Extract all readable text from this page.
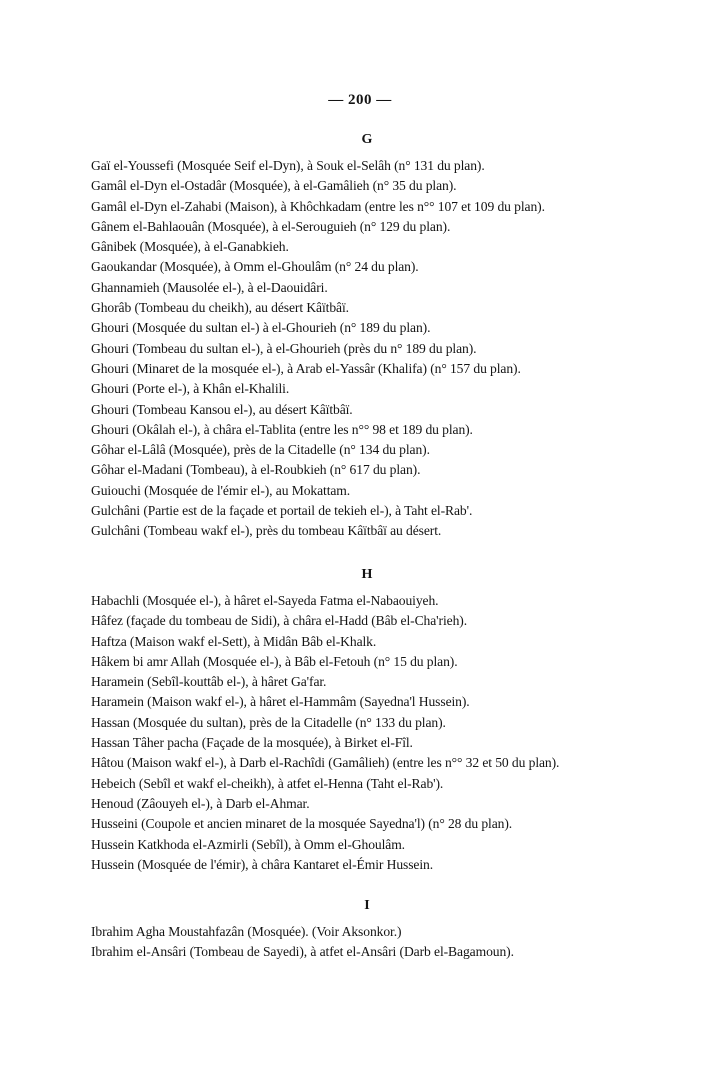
— 200 —
G
Gaï el-Youssefi (Mosquée Seif el-Dyn), à Souk el-Selâh (n° 131 du plan).
Gamâl el-Dyn el-Ostadâr (Mosquée), à el-Gamâlieh (n° 35 du plan).
Gamâl el-Dyn el-Zahabi (Maison), à Khôchkadam (entre les n°° 107 et 109 du plan).
Gânem el-Bahlaouân (Mosquée), à el-Serouguieh (n° 129 du plan).
Gânibek (Mosquée), à el-Ganabkieh.
Gaoukandar (Mosquée), à Omm el-Ghoulâm (n° 24 du plan).
Ghannamieh (Mausolée el-), à el-Daouidâri.
Ghorâb (Tombeau du cheikh), au désert Kâïtbâï.
Ghouri (Mosquée du sultan el-) à el-Ghourieh (n° 189 du plan).
Ghouri (Tombeau du sultan el-), à el-Ghourieh (près du n° 189 du plan).
Ghouri (Minaret de la mosquée el-), à Arab el-Yassâr (Khalifa) (n° 157 du plan).
Ghouri (Porte el-), à Khân el-Khalili.
Ghouri (Tombeau Kansou el-), au désert Kâïtbâï.
Ghouri (Okâlah el-), à châra el-Tablita (entre les n°° 98 et 189 du plan).
Gôhar el-Lâlâ (Mosquée), près de la Citadelle (n° 134 du plan).
Gôhar el-Madani (Tombeau), à el-Roubkieh (n° 617 du plan).
Guiouchi (Mosquée de l'émir el-), au Mokattam.
Gulchâni (Partie est de la façade et portail de tekieh el-), à Taht el-Rab'.
Gulchâni (Tombeau wakf el-), près du tombeau Kâïtbâï au désert.
H
Habachli (Mosquée el-), à hâret el-Sayeda Fatma el-Nabaouiyeh.
Hâfez (façade du tombeau de Sidi), à châra el-Hadd (Bâb el-Cha'rieh).
Haftza (Maison wakf el-Sett), à Midân Bâb el-Khalk.
Hâkem bi amr Allah (Mosquée el-), à Bâb el-Fetouh (n° 15 du plan).
Haramein (Sebîl-kouttâb el-), à hâret Ga'far.
Haramein (Maison wakf el-), à hâret el-Hammâm (Sayedna'l Hussein).
Hassan (Mosquée du sultan), près de la Citadelle (n° 133 du plan).
Hassan Tâher pacha (Façade de la mosquée), à Birket el-Fîl.
Hâtou (Maison wakf el-), à Darb el-Rachîdi (Gamâlieh) (entre les n°° 32 et 50 du plan).
Hebeich (Sebîl et wakf el-cheikh), à atfet el-Henna (Taht el-Rab').
Henoud (Zâouyeh el-), à Darb el-Ahmar.
Husseini (Coupole et ancien minaret de la mosquée Sayedna'l) (n° 28 du plan).
Hussein Katkhoda el-Azmirli (Sebîl), à Omm el-Ghoulâm.
Hussein (Mosquée de l'émir), à châra Kantaret el-Émir Hussein.
I
Ibrahim Agha Moustahfazân (Mosquée). (Voir Aksonkor.)
Ibrahim el-Ansâri (Tombeau de Sayedi), à atfet el-Ansâri (Darb el-Bagamoun).
